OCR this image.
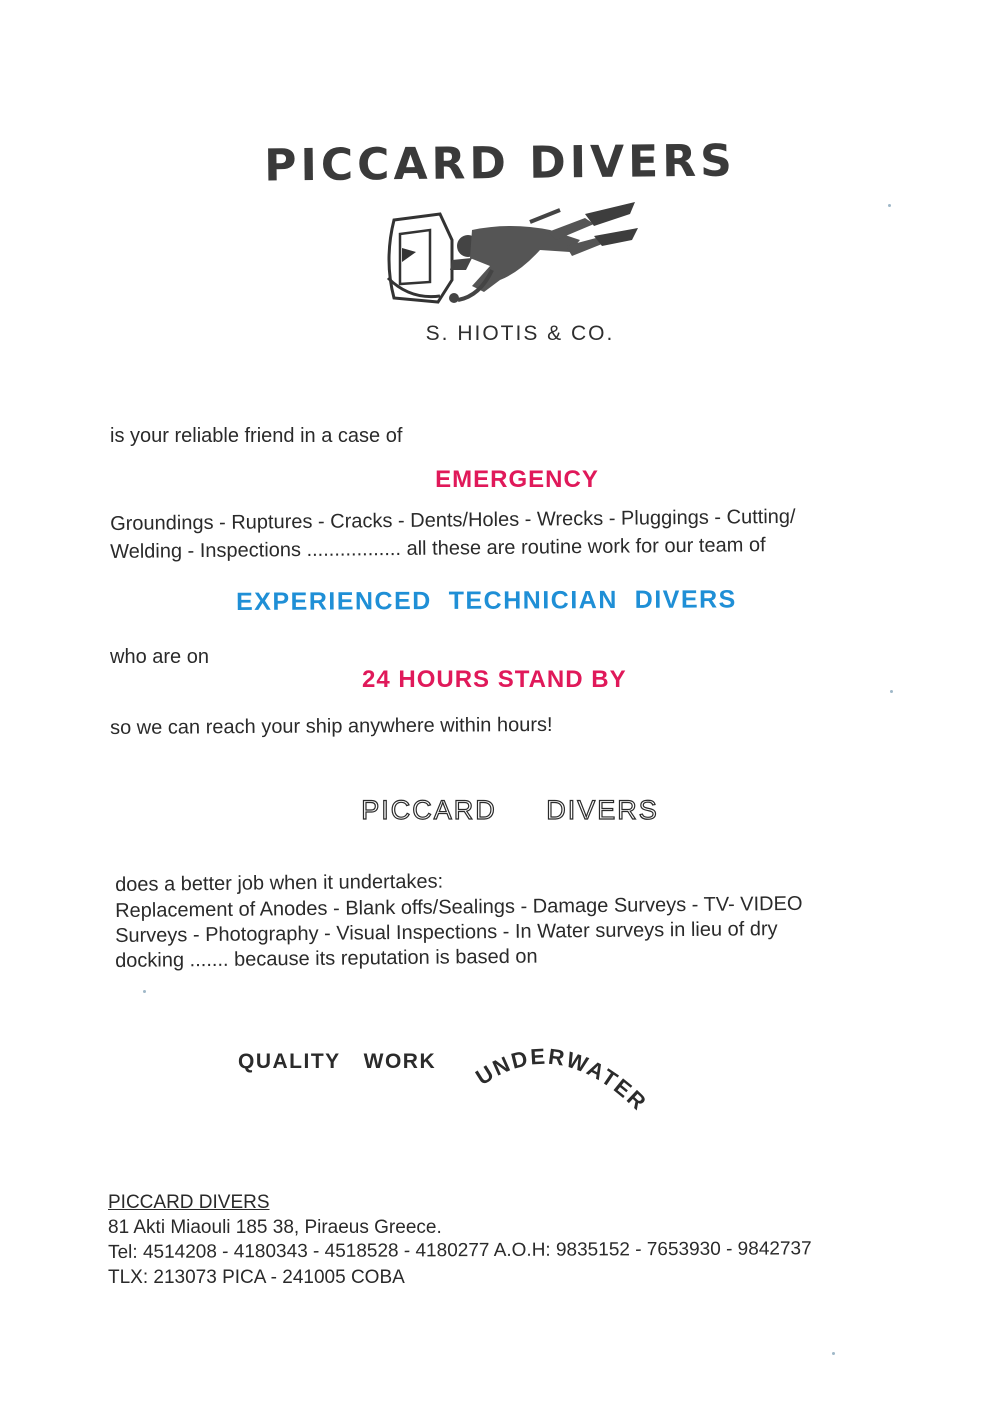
PICCARD DIVERS
S. HIOTIS & CO.
is your reliable friend in a case of
EMERGENCY
Groundings - Ruptures - Cracks - Dents/Holes - Wrecks - Pluggings - Cutting/
Welding - Inspections ................. all these are routine work for our team of
EXPERIENCED  TECHNICIAN  DIVERS
who are on
24 HOURS STAND BY
so we can reach your ship anywhere within hours!
PICCARD DIVERS
does a better job when it undertakes:
Replacement of Anodes - Blank offs/Sealings - Damage Surveys - TV- VIDEO
Surveys - Photography - Visual Inspections - In Water surveys in lieu of dry
docking ....... because its reputation is based on
QUALITY WORK UNDERWATER
PICCARD DIVERS
81 Akti Miaouli 185 38, Piraeus Greece.
Tel: 4514208 - 4180343 - 4518528 - 4180277 A.O.H: 9835152 - 7653930 - 9842737
TLX: 213073 PICA - 241005 COBA
